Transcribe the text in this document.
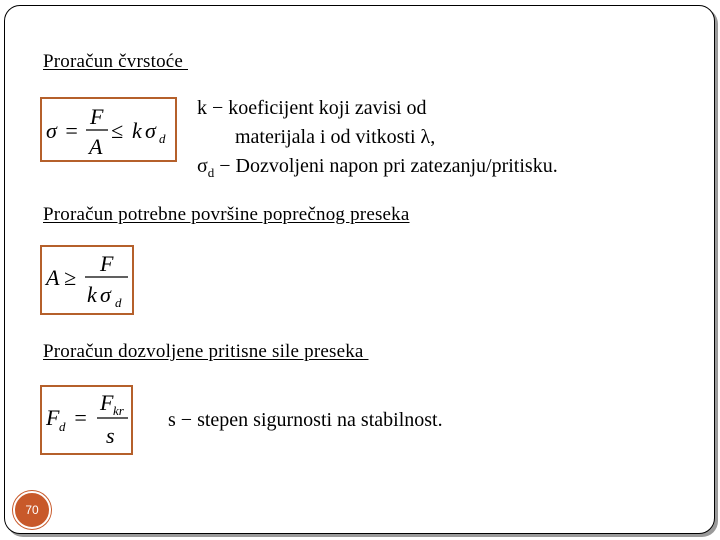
Proračun čvrstoće
σ =
F
A
≤ k σ d
k − koeficijent koji zavisi od
materijala i od vitkosti λ,
$\sigma_d$ − Dozvoljeni napon pri zatezanju/pritisku.
Proračun potrebne površine poprečnog preseka
A ≥
F
k σ d
Proračun dozvoljene pritisne sile preseka
F d =
F kr
s
s − stepen sigurnosti na stabilnost.
70
